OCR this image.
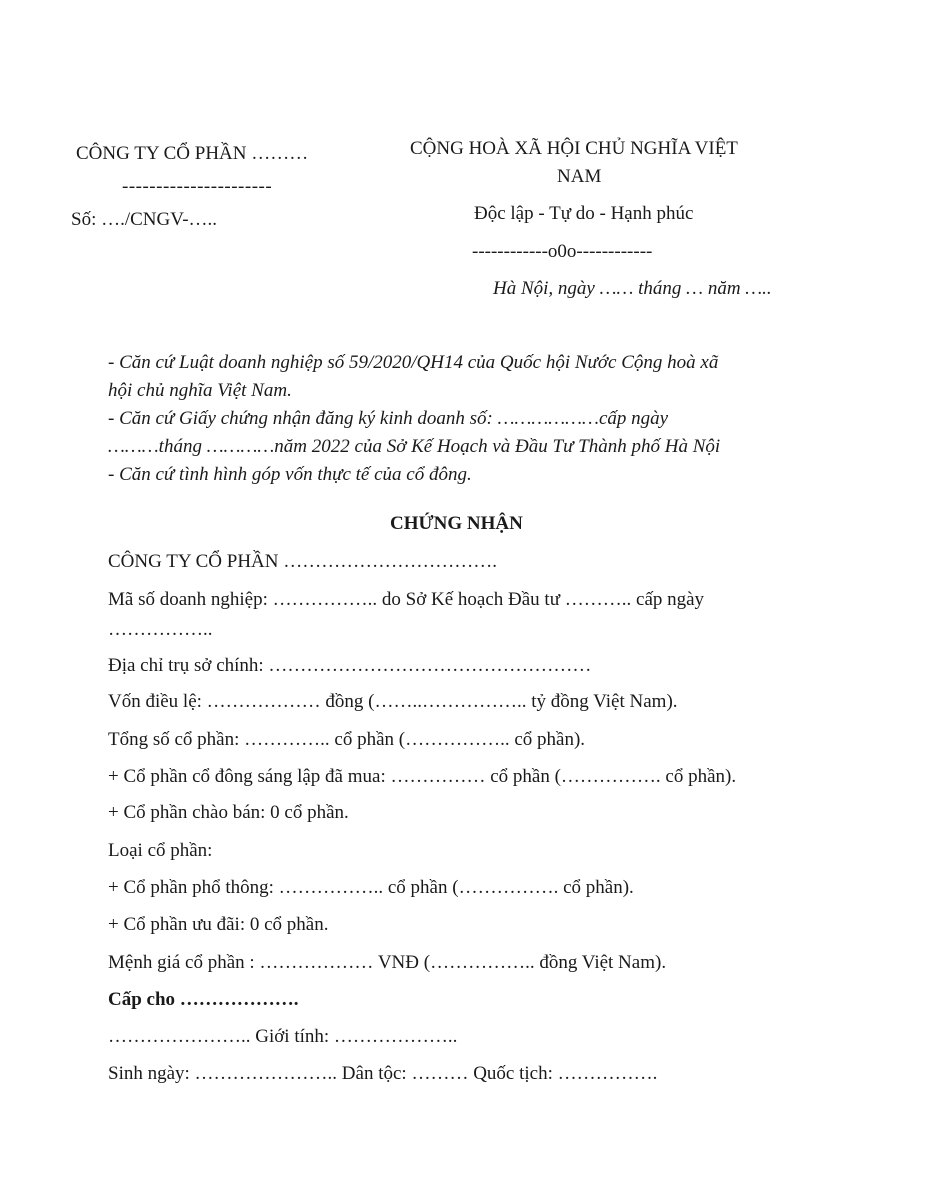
CÔNG TY CỔ PHẦN ………
----------------------
Số: …./CNGV-…..
CỘNG HOÀ XÃ HỘI CHỦ NGHĨA VIỆT
NAM
Độc lập - Tự do - Hạnh phúc
------------o0o------------
Hà Nội, ngày …… tháng … năm …..
- Căn cứ Luật doanh nghiệp số 59/2020/QH14 của Quốc hội Nước Cộng hoà xã
hội chủ nghĩa Việt Nam.
- Căn cứ Giấy chứng nhận đăng ký kinh doanh số: ………………cấp ngày
………tháng …………năm 2022 của Sở Kế Hoạch và Đầu Tư Thành phố Hà Nội
- Căn cứ tình hình góp vốn thực tế của cổ đông.
CHỨNG NHẬN
CÔNG TY CỔ PHẦN …………………………….
Mã số doanh nghiệp: …………….. do Sở Kế hoạch Đầu tư ……….. cấp ngày
……………..
Địa chỉ trụ sở chính: ……………………………………………
Vốn điều lệ: ……………… đồng (……..…………….. tỷ đồng Việt Nam).
Tổng số cổ phần: ………….. cổ phần (…………….. cổ phần).
+ Cổ phần cổ đông sáng lập đã mua: …………… cổ phần (……………. cổ phần).
+ Cổ phần chào bán: 0 cổ phần.
Loại cổ phần:
+ Cổ phần phổ thông: …………….. cổ phần (……………. cổ phần).
+ Cổ phần ưu đãi: 0 cổ phần.
Mệnh giá cổ phần : ……………… VNĐ (…………….. đồng Việt Nam).
Cấp cho ……………….
………………….. Giới tính: ………………..
Sinh ngày: ………………….. Dân tộc: ……… Quốc tịch: …………….
